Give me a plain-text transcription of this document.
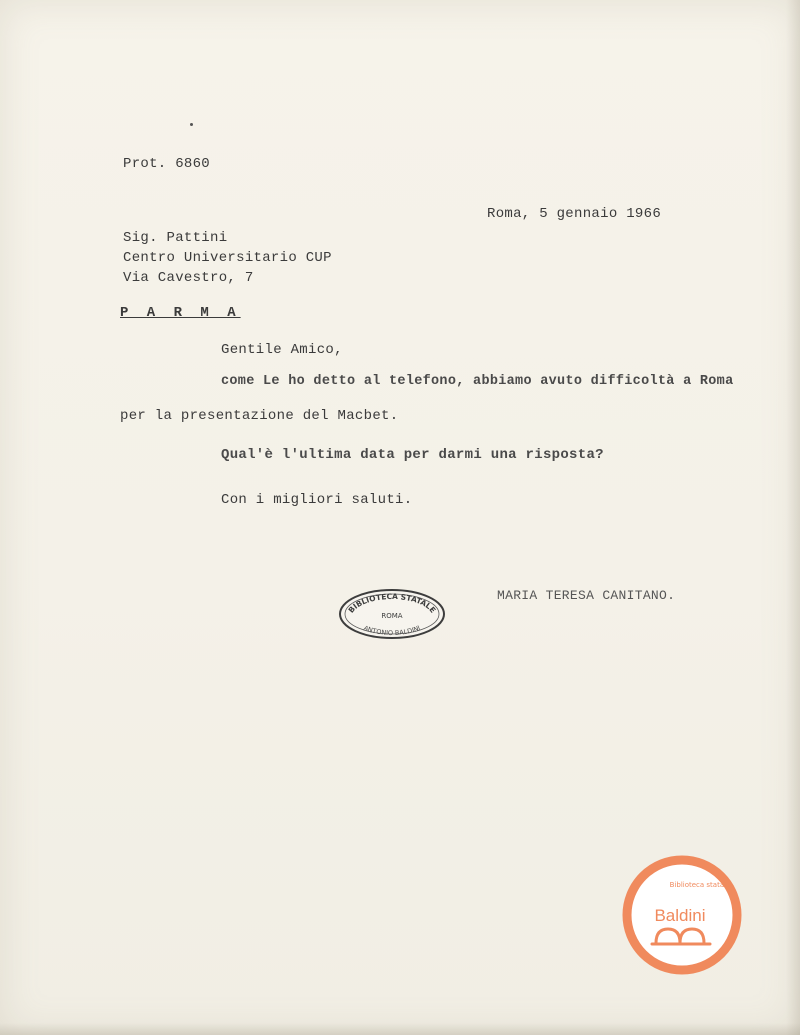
Prot. 6860
Roma, 5 gennaio 1966
Sig. Pattini
Centro Universitario CUP
Via Cavestro, 7
P A R M A
Gentile Amico,
come Le ho detto al telefono, abbiamo avuto difficoltà a Roma
per la presentazione del Macbet.
Qual'è l'ultima data per darmi una risposta?
Con i migliori saluti.
MARIA TERESA CANITANO.
BIBLIOTECA STATALE
ROMA
ANTONIO BALDINI
Biblioteca statale
Baldini
